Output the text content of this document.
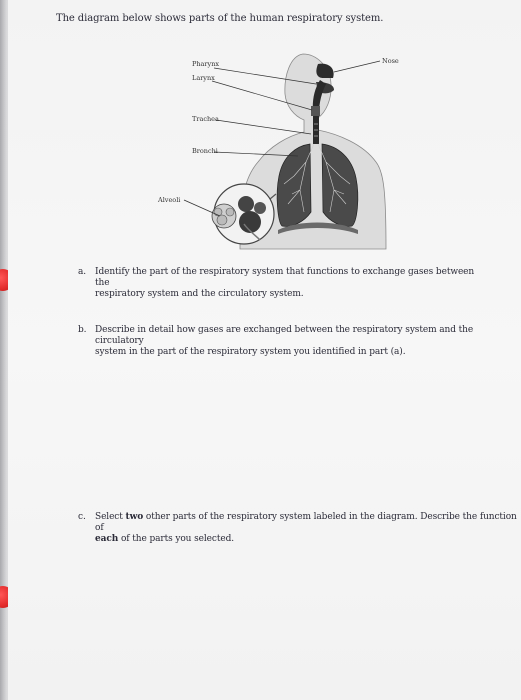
The diagram below shows parts of the human respiratory system.
Pharynx
Larynx
Trachea
Bronchi
Alveoli
Nose
a. Identify the part of the respiratory system that functions to exchange gases between the
respiratory system and the circulatory system.
b. Describe in detail how gases are exchanged between the respiratory system and the circulatory
system in the part of the respiratory system you identified in part (a).
c. Select two other parts of the respiratory system labeled in the diagram. Describe the function of
each of the parts you selected.
